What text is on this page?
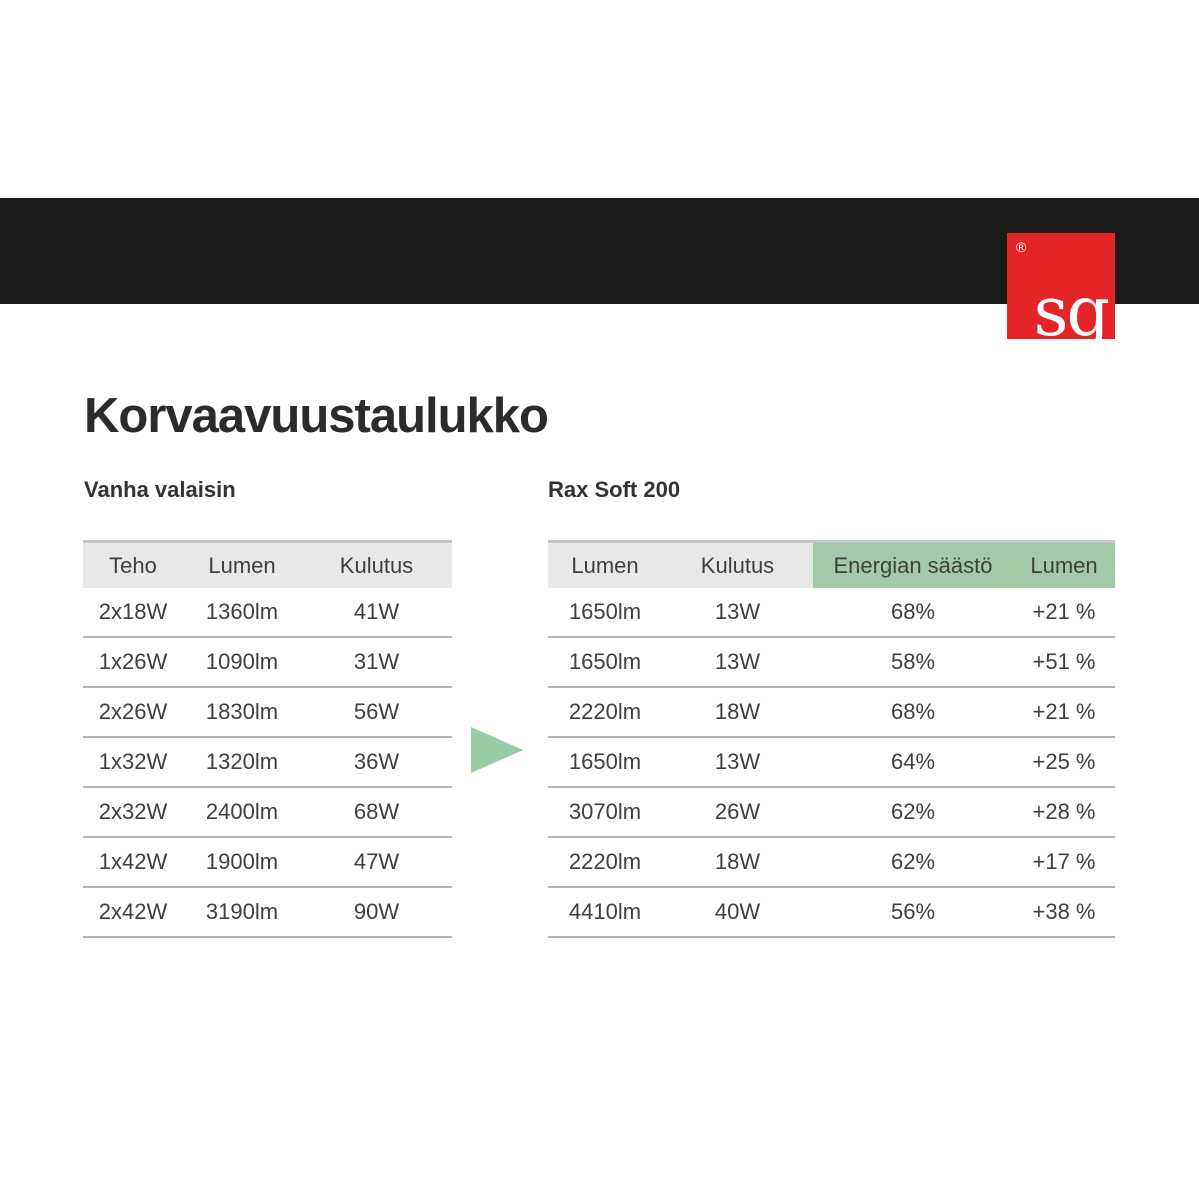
®
sg
Korvaavuustaulukko
Vanha valaisin	Rax Soft 200
Teho	Lumen	Kulutus
2x18W	1360lm	41W
1x26W	1090lm	31W
2x26W	1830lm	56W
1x32W	1320lm	36W
2x32W	2400lm	68W
1x42W	1900lm	47W
2x42W	3190lm	90W
Lumen	Kulutus	Energian säästö	Lumen
1650lm	13W	68%	+21 %
1650lm	13W	58%	+51 %
2220lm	18W	68%	+21 %
1650lm	13W	64%	+25 %
3070lm	26W	62%	+28 %
2220lm	18W	62%	+17 %
4410lm	40W	56%	+38 %
